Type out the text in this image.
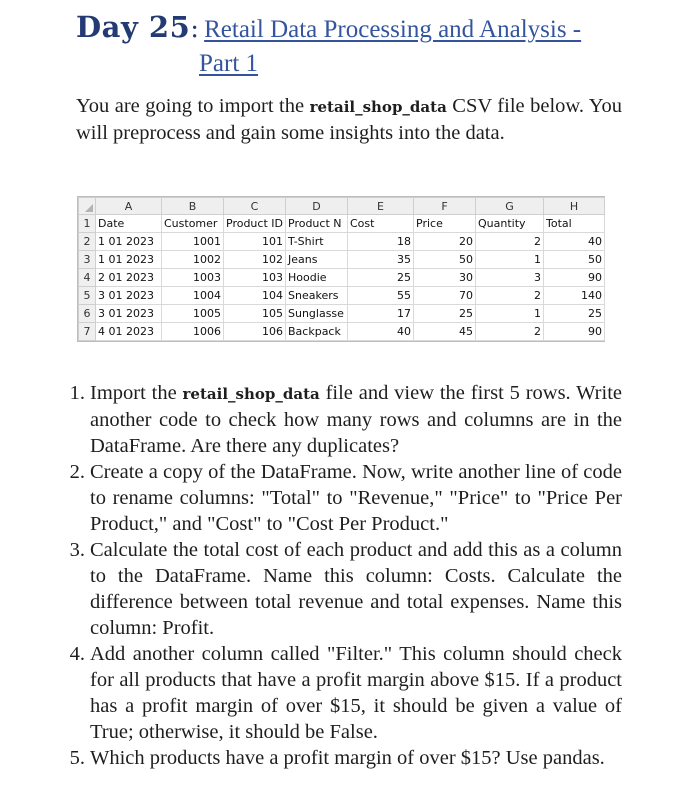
Day 25: Retail Data Processing and Analysis -
Part 1

You are going to import the retail_shop_data CSV file below. You will preprocess and gain some insights into the data.

	A	B	C	D	E	F	G	H
1	Date	Customer	Product ID	Product N	Cost	Price	Quantity	Total
2	1 01 2023	1001	101	T-Shirt	18	20	2	40
3	1 01 2023	1002	102	Jeans	35	50	1	50
4	2 01 2023	1003	103	Hoodie	25	30	3	90
5	3 01 2023	1004	104	Sneakers	55	70	2	140
6	3 01 2023	1005	105	Sunglasse	17	25	1	25
7	4 01 2023	1006	106	Backpack	40	45	2	90
1. Import the retail_shop_data file and view the first 5 rows. Write another code to check how many rows and columns are in the DataFrame. Are there any duplicates?
2. Create a copy of the DataFrame. Now, write another line of code to rename columns: "Total" to "Revenue," "Price" to "Price Per Product," and "Cost" to "Cost Per Product."
3. Calculate the total cost of each product and add this as a column to the DataFrame. Name this column: Costs. Calculate the difference between total revenue and total expenses. Name this column: Profit.
4. Add another column called "Filter." This column should check for all products that have a profit margin above $15. If a product has a profit margin of over $15, it should be given a value of True; otherwise, it should be False.
5. Which products have a profit margin of over $15? Use pandas.
